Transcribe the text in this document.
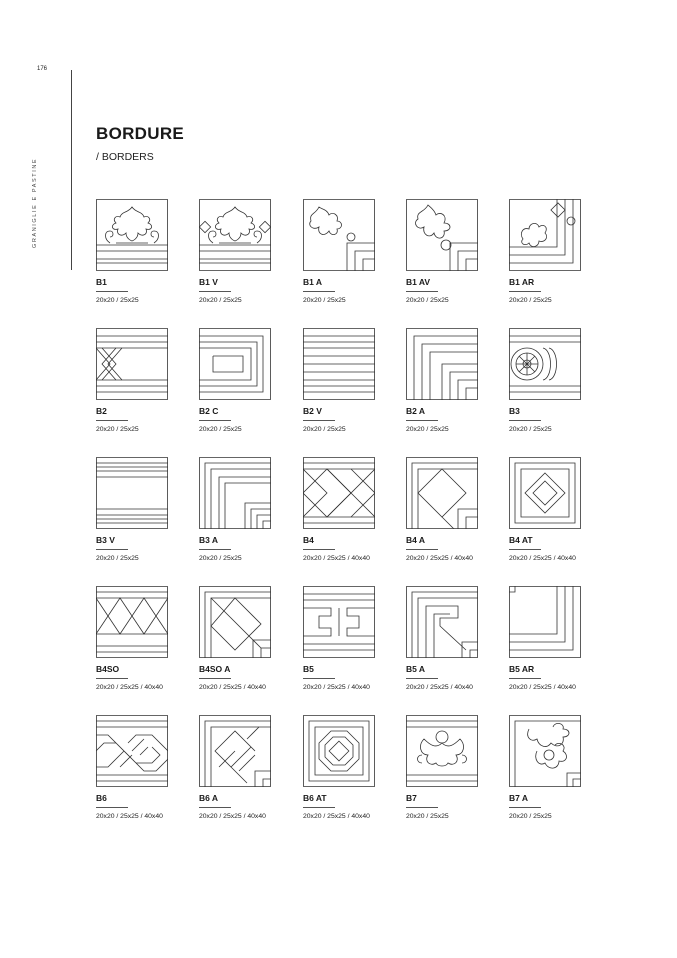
176
GRANIGLIE E PASTINE
BORDURE
/ BORDERS
B1
20x20 / 25x25
B1 V
20x20 / 25x25
B1 A
20x20 / 25x25
B1 AV
20x20 / 25x25
B1 AR
20x20 / 25x25
B2
20x20 / 25x25
B2 C
20x20 / 25x25
B2 V
20x20 / 25x25
B2 A
20x20 / 25x25
B3
20x20 / 25x25
B3 V
20x20 / 25x25
B3 A
20x20 / 25x25
B4
20x20 / 25x25 / 40x40
B4 A
20x20 / 25x25 / 40x40
B4 AT
20x20 / 25x25 / 40x40
B4SO
20x20 / 25x25 / 40x40
B4SO A
20x20 / 25x25 / 40x40
B5
20x20 / 25x25 / 40x40
B5 A
20x20 / 25x25 / 40x40
B5 AR
20x20 / 25x25 / 40x40
B6
20x20 / 25x25 / 40x40
B6 A
20x20 / 25x25 / 40x40
B6 AT
20x20 / 25x25 / 40x40
B7
20x20 / 25x25
B7 A
20x20 / 25x25
